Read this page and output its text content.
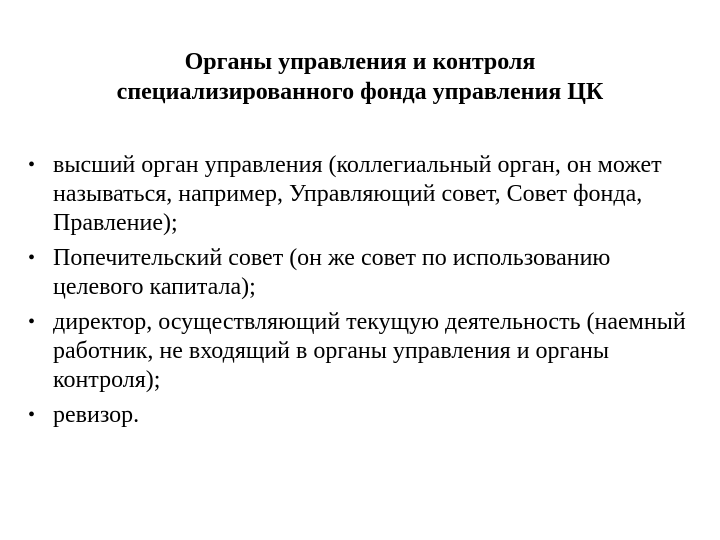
Органы управления и контроля
специализированного фонда управления ЦК
• высший орган управления (коллегиальный орган, он может называться, например, Управляющий совет, Совет фонда, Правление);
• Попечительский совет (он же совет по использованию целевого капитала);
• директор, осуществляющий текущую деятельность (наемный работник, не входящий в органы управления и органы контроля);
• ревизор.
